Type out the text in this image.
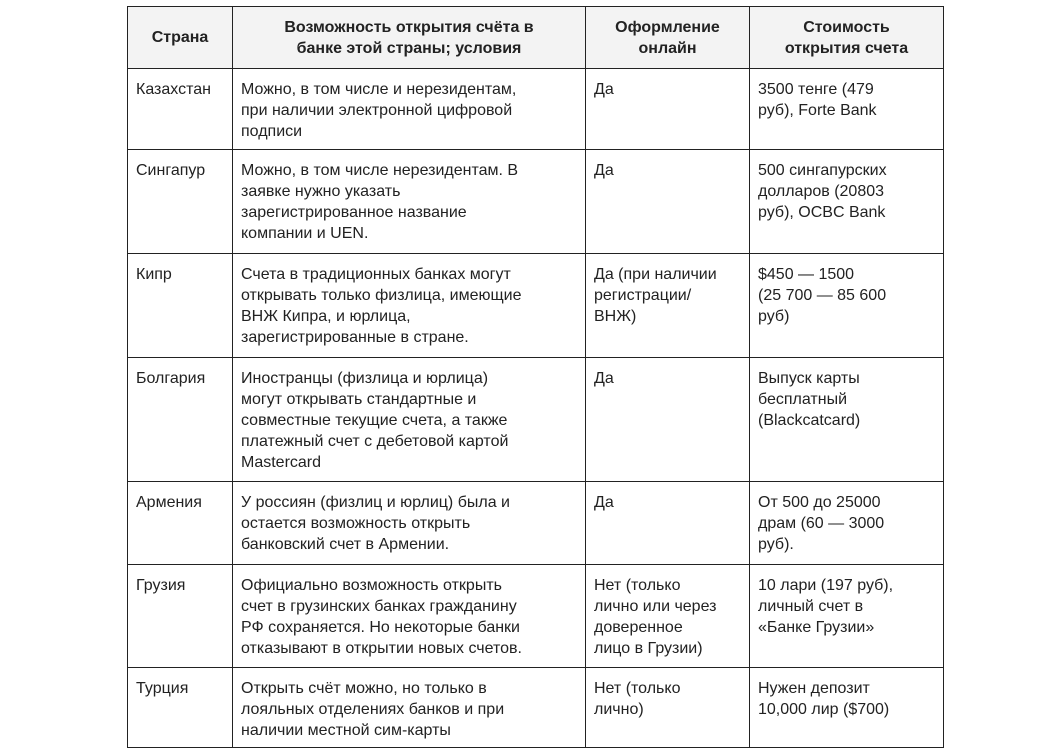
Страна	Возможность открытия счёта в
банке этой страны; условия	Оформление
онлайн	Стоимость
открытия счета
Казахстан	Можно, в том числе и нерезидентам,
при наличии электронной цифровой
подписи	Да	3500 тенге (479
руб), Forte Bank
Сингапур	Можно, в том числе нерезидентам. В
заявке нужно указать
зарегистрированное название
компании и UEN.	Да	500 сингапурских
долларов (20803
руб), OCBC Bank
Кипр	Счета в традиционных банках могут
открывать только физлица, имеющие
ВНЖ Кипра, и юрлица,
зарегистрированные в стране.	Да (при наличии
регистрации/
ВНЖ)	$450 — 1500
(25 700 — 85 600
руб)
Болгария	Иностранцы (физлица и юрлица)
могут открывать стандартные и
совместные текущие счета, а также
платежный счет с дебетовой картой
Mastercard	Да	Выпуск карты
бесплатный
(Blackcatcard)
Армения	У россиян (физлиц и юрлиц) была и
остается возможность открыть
банковский счет в Армении.	Да	От 500 до 25000
драм (60 — 3000
руб).
Грузия	Официально возможность открыть
счет в грузинских банках гражданину
РФ сохраняется. Но некоторые банки
отказывают в открытии новых счетов.	Нет (только
лично или через
доверенное
лицо в Грузии)	10 лари (197 руб),
личный счет в
«Банке Грузии»
Турция	Открыть счёт можно, но только в
лояльных отделениях банков и при
наличии местной сим-карты	Нет (только
лично)	Нужен депозит
10,000 лир ($700)
